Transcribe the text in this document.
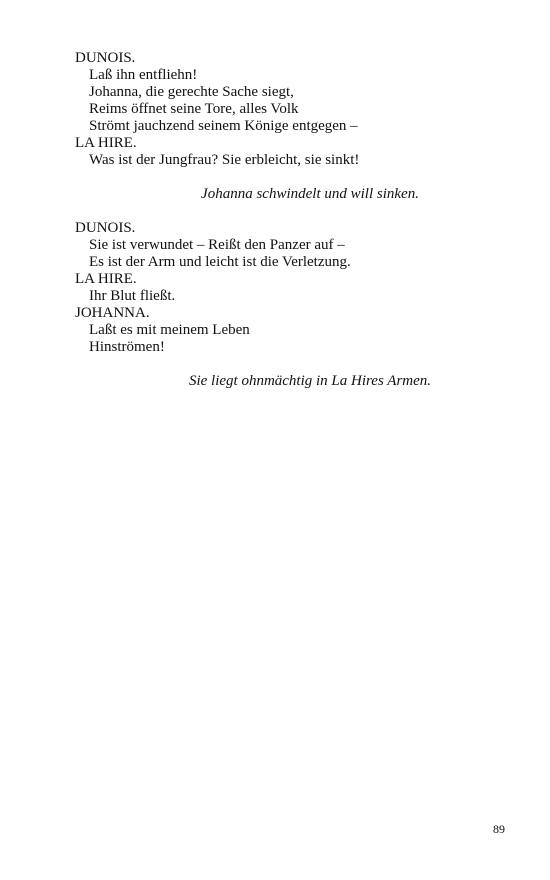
DUNOIS.
Laß ihn entfliehn!
Johanna, die gerechte Sache siegt,
Reims öffnet seine Tore, alles Volk
Strömt jauchzend seinem Könige entgegen –
LA HIRE.
Was ist der Jungfrau? Sie erbleicht, sie sinkt!
Johanna schwindelt und will sinken.
DUNOIS.
Sie ist verwundet – Reißt den Panzer auf –
Es ist der Arm und leicht ist die Verletzung.
LA HIRE.
Ihr Blut fließt.
JOHANNA.
Laßt es mit meinem Leben
Hinströmen!
Sie liegt ohnmächtig in La Hires Armen.
89
